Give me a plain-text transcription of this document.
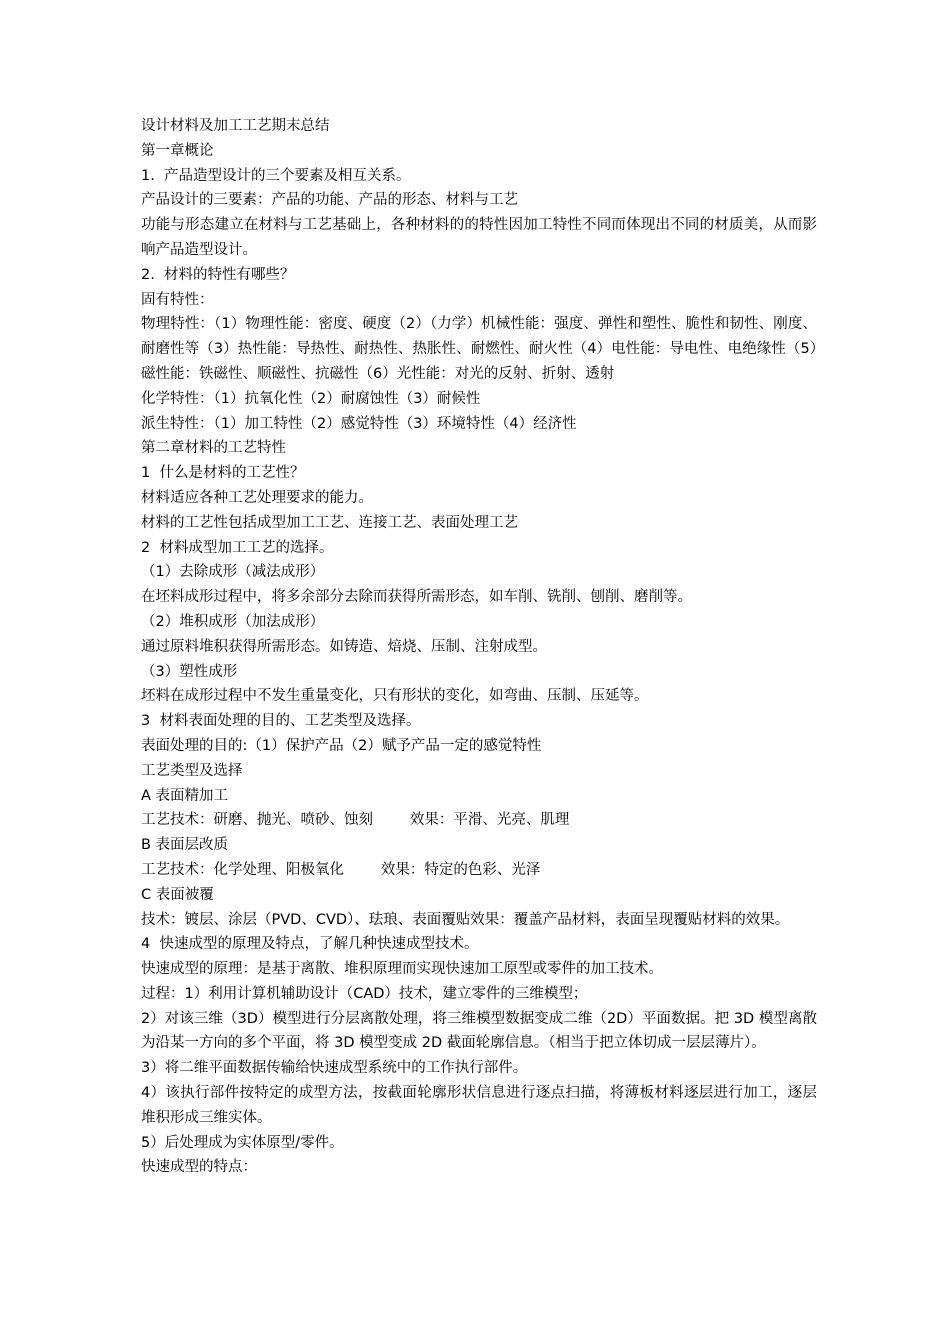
设计材料及加工工艺期末总结

第一章概论

1.  产品造型设计的三个要素及相互关系。

产品设计的三要素：产品的功能、产品的形态、材料与工艺

功能与形态建立在材料与工艺基础上，各种材料的的特性因加工特性不同而体现出不同的材质美，从而影响产品造型设计。

2.  材料的特性有哪些？

固有特性：

物理特性：（1）物理性能：密度、硬度（2）（力学）机械性能：强度、弹性和塑性、脆性和韧性、刚度、耐磨性等（3）热性能：导热性、耐热性、热胀性、耐燃性、耐火性（4）电性能：导电性、电绝缘性（5）磁性能：铁磁性、顺磁性、抗磁性（6）光性能：对光的反射、折射、透射

化学特性：（1）抗氧化性（2）耐腐蚀性（3）耐候性

派生特性：（1）加工特性（2）感觉特性（3）环境特性（4）经济性

第二章材料的工艺特性

1  什么是材料的工艺性？

材料适应各种工艺处理要求的能力。

材料的工艺性包括成型加工工艺、连接工艺、表面处理工艺

2  材料成型加工工艺的选择。

（1）去除成形（减法成形）

在坯料成形过程中，将多余部分去除而获得所需形态，如车削、铣削、刨削、磨削等。

（2）堆积成形（加法成形）

通过原料堆积获得所需形态。如铸造、焙烧、压制、注射成型。

（3）塑性成形

坯料在成形过程中不发生重量变化，只有形状的变化，如弯曲、压制、压延等。

3  材料表面处理的目的、工艺类型及选择。

表面处理的目的:（1）保护产品（2）赋予产品一定的感觉特性

工艺类型及选择

A 表面精加工

工艺技术：研磨、抛光、喷砂、蚀刻        效果：平滑、光亮、肌理

B 表面层改质

工艺技术：化学处理、阳极氧化        效果：特定的色彩、光泽

C 表面被覆

技术：镀层、涂层（PVD、CVD）、珐琅、表面覆贴效果：覆盖产品材料，表面呈现覆贴材料的效果。

4  快速成型的原理及特点，了解几种快速成型技术。

快速成型的原理：是基于离散、堆积原理而实现快速加工原型或零件的加工技术。

过程：1）利用计算机辅助设计（CAD）技术，建立零件的三维模型；

2）对该三维（3D）模型进行分层离散处理，将三维模型数据变成二维（2D）平面数据。把 3D 模型离散为沿某一方向的多个平面，将 3D 模型变成 2D 截面轮廓信息。（相当于把立体切成一层层薄片）。

3）将二维平面数据传输给快速成型系统中的工作执行部件。

4）该执行部件按特定的成型方法，按截面轮廓形状信息进行逐点扫描，将薄板材料逐层进行加工，逐层堆积形成三维实体。

5）后处理成为实体原型/零件。

快速成型的特点：
